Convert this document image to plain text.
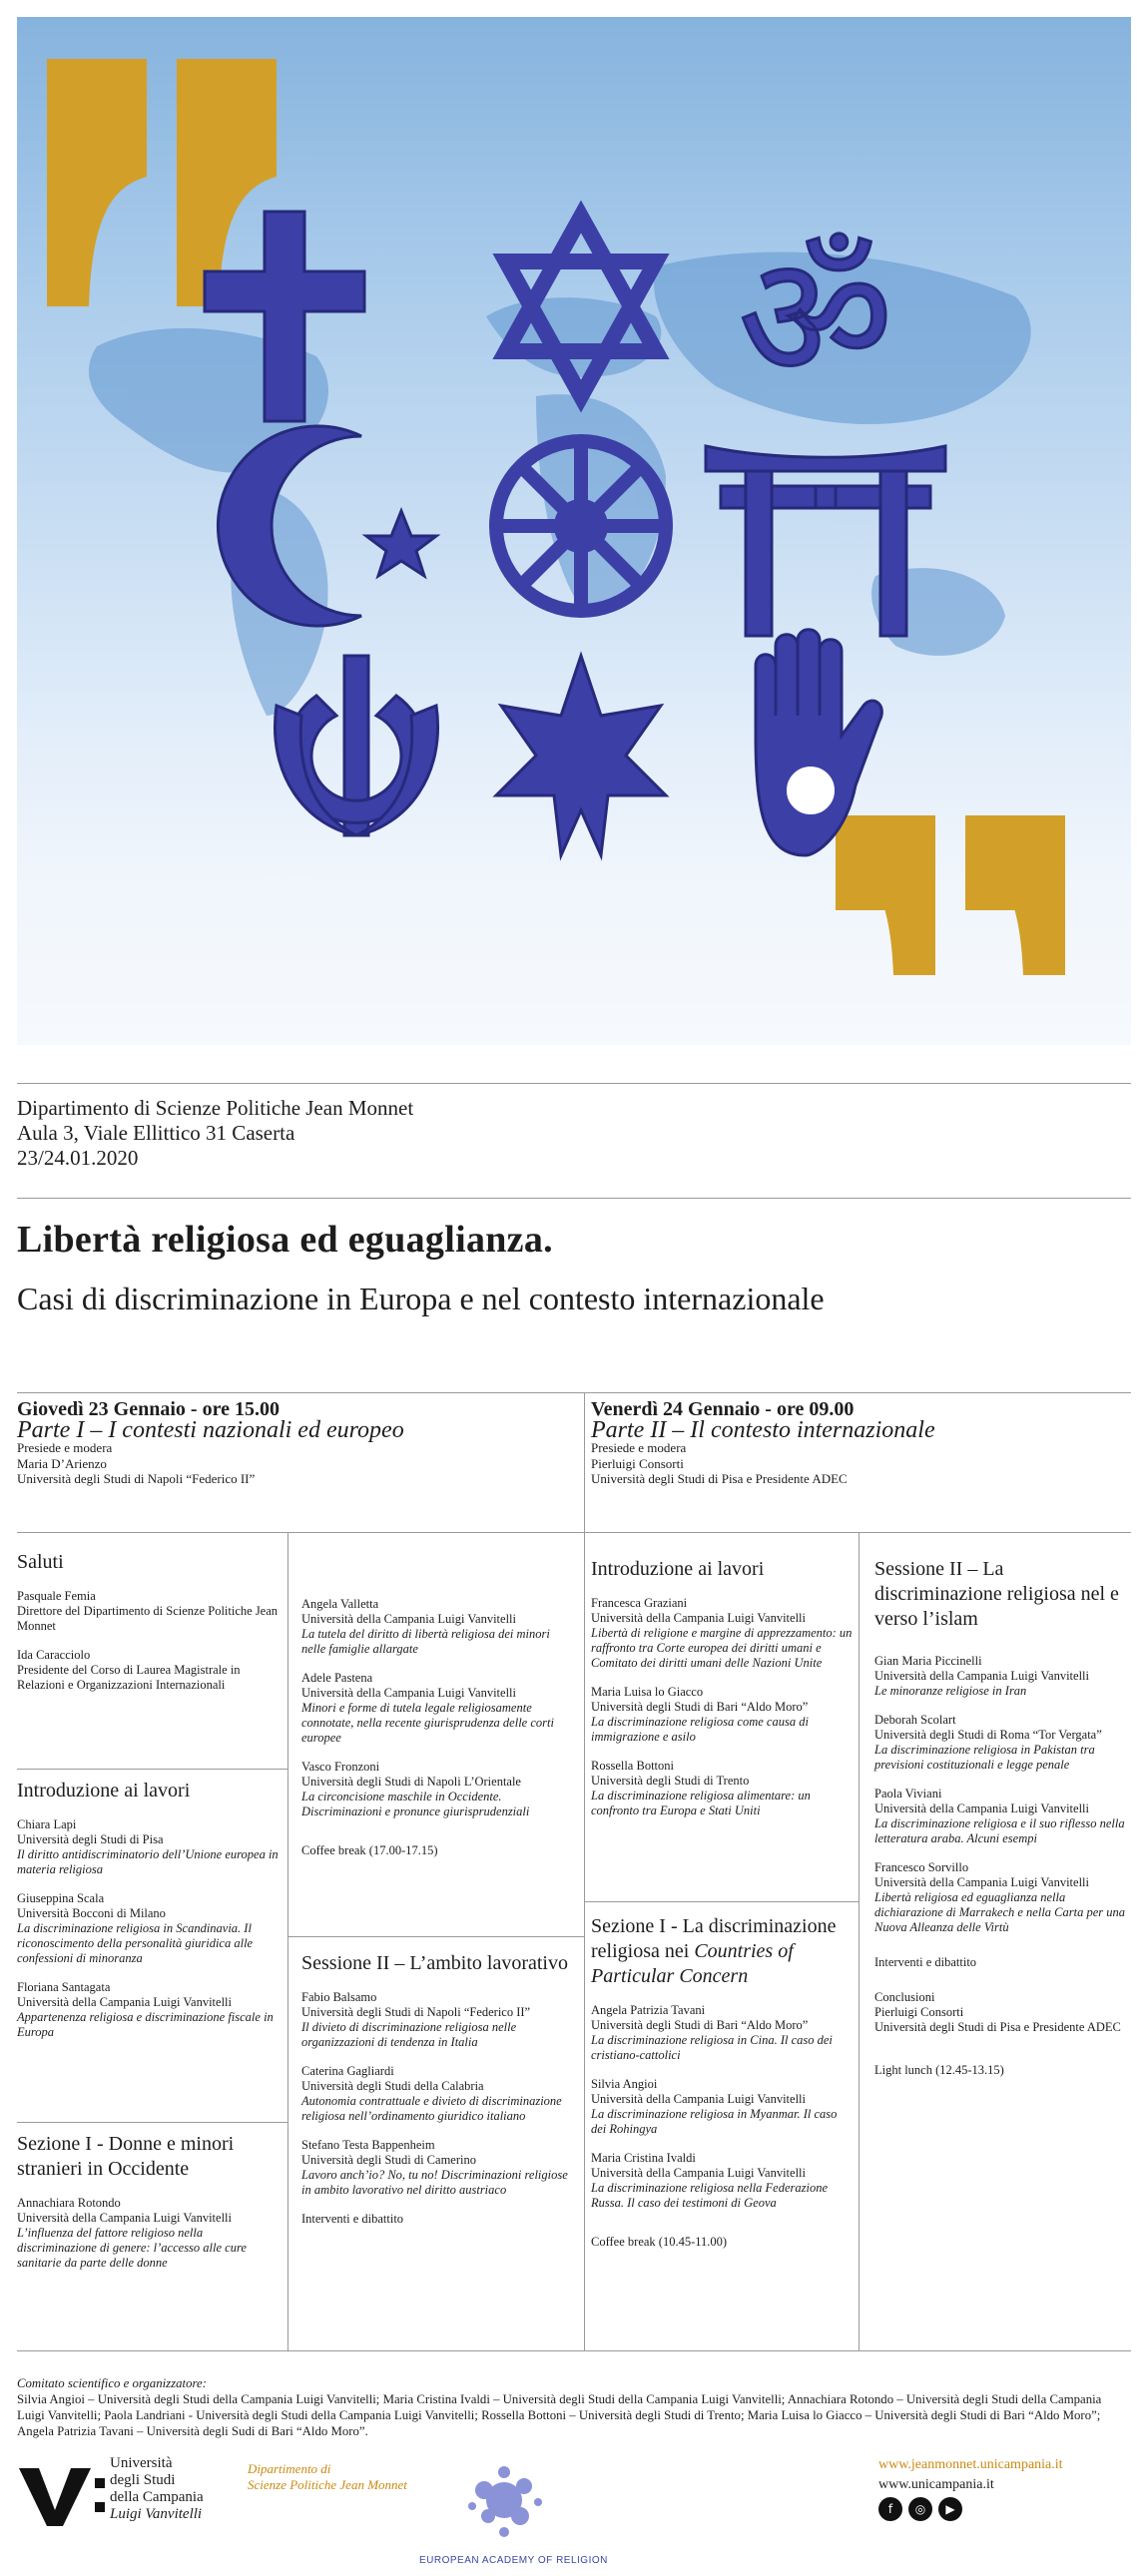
ॐ
Dipartimento di Scienze Politiche Jean Monnet
Aula 3, Viale Ellittico 31 Caserta
23/24.01.2020
Libertà religiosa ed eguaglianza.
Casi di discriminazione in Europa e nel contesto internazionale
Giovedì 23 Gennaio - ore 15.00
Parte I – I contesti nazionali ed europeo
Presiede e modera
Maria D’Arienzo
Università degli Studi di Napoli “Federico II”
Venerdì 24 Gennaio - ore 09.00
Parte II – Il contesto internazionale
Presiede e modera
Pierluigi Consorti
Università degli Studi di Pisa e Presidente ADEC
Saluti
Pasquale Femia
Direttore del Dipartimento di Scienze Politiche Jean Monnet
Ida Caracciolo
Presidente del Corso di Laurea Magistrale in Relazioni e Organizzazioni Internazionali
Introduzione ai lavori
Chiara Lapi
Università degli Studi di Pisa
Il diritto antidiscriminatorio dell’Unione europea in materia religiosa
Giuseppina Scala
Università Bocconi di Milano
La discriminazione religiosa in Scandinavia. Il riconoscimento della personalità giuridica alle confessioni di minoranza
Floriana Santagata
Università della Campania Luigi Vanvitelli
Appartenenza religiosa e discriminazione fiscale in Europa
Sezione I - Donne e minori stranieri in Occidente
Annachiara Rotondo
Università della Campania Luigi Vanvitelli
L’influenza del fattore religioso nella discriminazione di genere: l’accesso alle cure sanitarie da parte delle donne
Angela Valletta
Università della Campania Luigi Vanvitelli
La tutela del diritto di libertà religiosa dei minori nelle famiglie allargate
Adele Pastena
Università della Campania Luigi Vanvitelli
Minori e forme di tutela legale religiosamente connotate, nella recente giurisprudenza delle corti europee
Vasco Fronzoni
Università degli Studi di Napoli L’Orientale
La circoncisione maschile in Occidente. Discriminazioni e pronunce giurisprudenziali
Coffee break (17.00-17.15)
Sessione II – L’ambito lavorativo
Fabio Balsamo
Università degli Studi di Napoli “Federico II”
Il divieto di discriminazione religiosa nelle organizzazioni di tendenza in Italia
Caterina Gagliardi
Università degli Studi della Calabria
Autonomia contrattuale e divieto di discriminazione religiosa nell’ordinamento giuridico italiano
Stefano Testa Bappenheim
Università degli Studi di Camerino
Lavoro anch’io? No, tu no! Discriminazioni religiose in ambito lavorativo nel diritto austriaco
Interventi e dibattito
Introduzione ai lavori
Francesca Graziani
Università della Campania Luigi Vanvitelli
Libertà di religione e margine di apprezzamento: un raffronto tra Corte europea dei diritti umani e Comitato dei diritti umani delle Nazioni Unite
Maria Luisa lo Giacco
Università degli Studi di Bari “Aldo Moro”
La discriminazione religiosa come causa di immigrazione e asilo
Rossella Bottoni
Università degli Studi di Trento
La discriminazione religiosa alimentare: un confronto tra Europa e Stati Uniti
Sezione I - La discriminazione religiosa nei Countries of Particular Concern
Angela Patrizia Tavani
Università degli Studi di Bari “Aldo Moro”
La discriminazione religiosa in Cina. Il caso dei cristiano-cattolici
Silvia Angioi
Università della Campania Luigi Vanvitelli
La discriminazione religiosa in Myanmar. Il caso dei Rohingya
Maria Cristina Ivaldi
Università della Campania Luigi Vanvitelli
La discriminazione religiosa nella Federazione Russa. Il caso dei testimoni di Geova
Coffee break (10.45-11.00)
Sessione II – La discriminazione religiosa nel e verso l’islam
Gian Maria Piccinelli
Università della Campania Luigi Vanvitelli
Le minoranze religiose in Iran
Deborah Scolart
Università degli Studi di Roma “Tor Vergata”
La discriminazione religiosa in Pakistan tra previsioni costituzionali e legge penale
Paola Viviani
Università della Campania Luigi Vanvitelli
La discriminazione religiosa e il suo riflesso nella letteratura araba. Alcuni esempi
Francesco Sorvillo
Università della Campania Luigi Vanvitelli
Libertà religiosa ed eguaglianza nella dichiarazione di Marrakech e nella Carta per una Nuova Alleanza delle Virtù
Interventi e dibattito
Conclusioni
Pierluigi Consorti
Università degli Studi di Pisa e Presidente ADEC
Light lunch (12.45-13.15)
Comitato scientifico e organizzatore:
Silvia Angioi – Università degli Studi della Campania Luigi Vanvitelli; Maria Cristina Ivaldi – Università degli Studi della Campania Luigi Vanvitelli; Annachiara Rotondo – Università degli Studi della Campania Luigi Vanvitelli; Paola Landriani - Università degli Studi della Campania Luigi Vanvitelli; Rossella Bottoni – Università degli Studi di Trento; Maria Luisa lo Giacco – Università degli Studi di Bari “Aldo Moro”; Angela Patrizia Tavani – Università degli Sudi di Bari “Aldo Moro”.
Università
degli Studi
della Campania
Luigi Vanvitelli
Dipartimento di
Scienze Politiche Jean Monnet
EUROPEAN ACADEMY OF RELIGION
www.jeanmonnet.unicampania.it
www.unicampania.it
f	◎	▶
